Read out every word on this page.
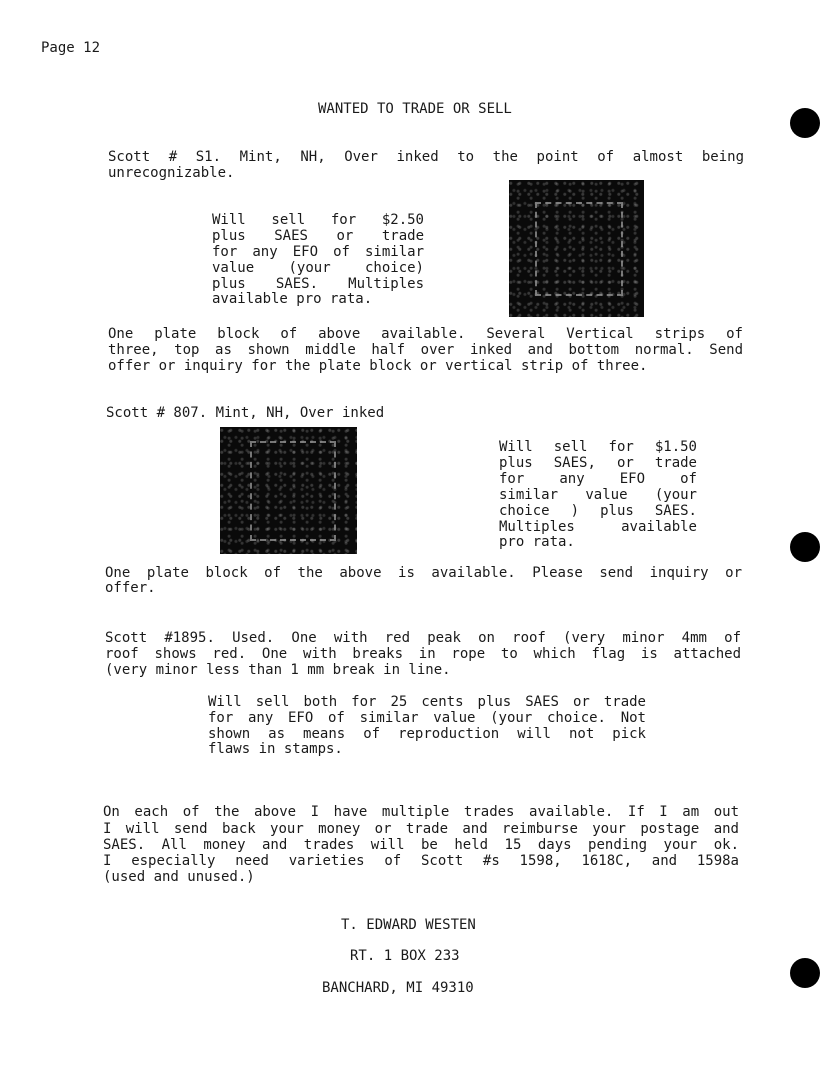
Page 12
WANTED TO TRADE OR SELL
Scott # S1. Mint, NH, Over inked to the point of almost being
unrecognizable.
Will sell for $2.50
plus SAES or trade
for any EFO of similar
value (your choice)
plus SAES. Multiples
available pro rata.
One plate block of above available. Several Vertical strips of
three, top as shown middle half over inked and bottom normal. Send
offer or inquiry for the plate block or vertical strip of three.
Scott # 807. Mint, NH, Over inked
Will sell for $1.50
plus SAES, or trade
for any EFO of
similar value (your
choice ) plus SAES.
Multiples available
pro rata.
One plate block of the above is available. Please send inquiry or
offer.
Scott #1895. Used. One with red peak on roof (very minor 4mm of
roof shows red. One with breaks in rope to which flag is attached
(very minor less than 1 mm break in line.
Will sell both for 25 cents plus SAES or trade
for any EFO of similar value (your choice. Not
shown as means of reproduction will not pick
flaws in stamps.
On each of the above I have multiple trades available. If I am out
I will send back your money or trade and reimburse your postage and
SAES. All money and trades will be held 15 days pending your ok.
I especially need varieties of Scott #s 1598, 1618C, and 1598a
(used and unused.)
T. EDWARD WESTEN
RT. 1 BOX 233
BANCHARD, MI 49310
